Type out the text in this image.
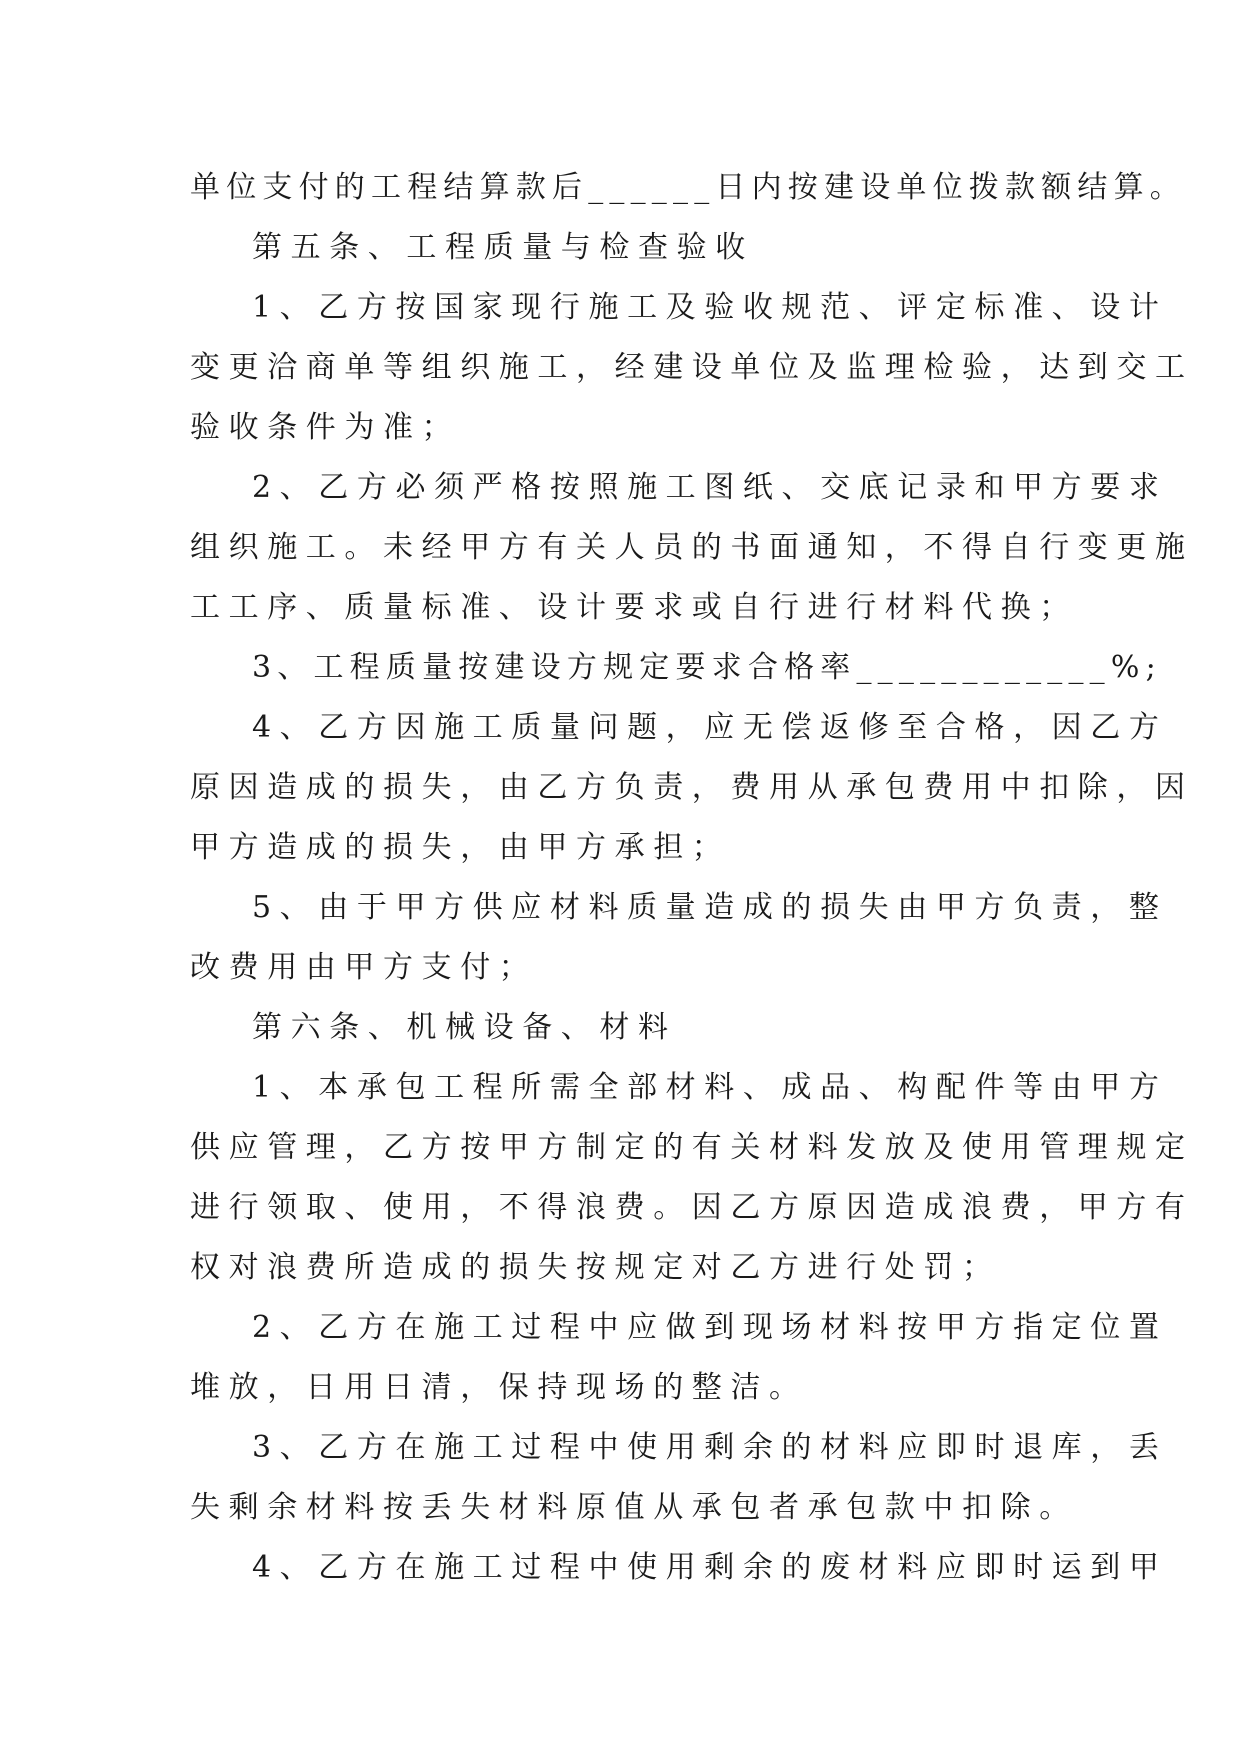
单位支付的工程结算款后______日内按建设单位拨款额结算。
第五条、工程质量与检查验收
1、乙方按国家现行施工及验收规范、评定标准、设计
变更洽商单等组织施工，经建设单位及监理检验，达到交工
验收条件为准；
2、乙方必须严格按照施工图纸、交底记录和甲方要求
组织施工。未经甲方有关人员的书面通知，不得自行变更施
工工序、质量标准、设计要求或自行进行材料代换；
3、工程质量按建设方规定要求合格率____________%;
4、乙方因施工质量问题，应无偿返修至合格，因乙方
原因造成的损失，由乙方负责，费用从承包费用中扣除，因
甲方造成的损失，由甲方承担；
5、由于甲方供应材料质量造成的损失由甲方负责，整
改费用由甲方支付；
第六条、机械设备、材料
1、本承包工程所需全部材料、成品、构配件等由甲方
供应管理，乙方按甲方制定的有关材料发放及使用管理规定
进行领取、使用，不得浪费。因乙方原因造成浪费，甲方有
权对浪费所造成的损失按规定对乙方进行处罚；
2、乙方在施工过程中应做到现场材料按甲方指定位置
堆放，日用日清，保持现场的整洁。
3、乙方在施工过程中使用剩余的材料应即时退库，丢
失剩余材料按丢失材料原值从承包者承包款中扣除。
4、乙方在施工过程中使用剩余的废材料应即时运到甲
